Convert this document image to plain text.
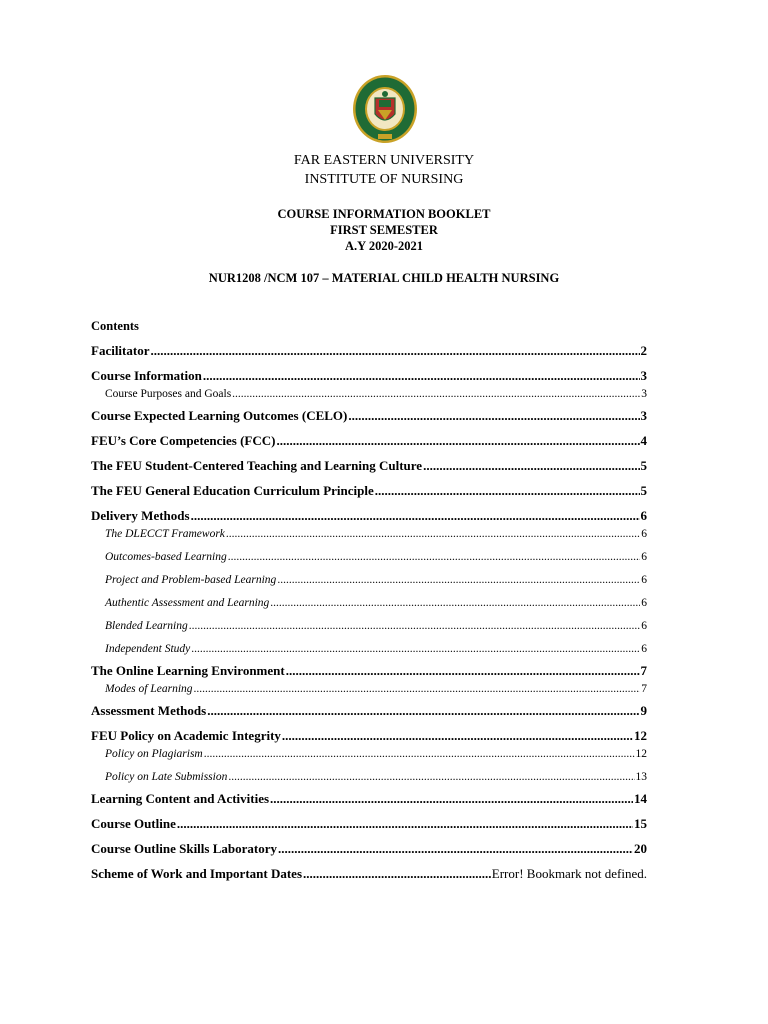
FAR EASTERN UNIVERSITY
INSTITUTE OF NURSING
COURSE INFORMATION BOOKLET
FIRST SEMESTER
A.Y 2020-2021
NUR1208 /NCM 107 – MATERIAL CHILD HEALTH NURSING
Contents
Facilitator .....	2
Course Information .....	3
Course Purposes and Goals .....	3
Course Expected Learning Outcomes (CELO) .....	3
FEU’s Core Competencies (FCC) .....	4
The FEU Student-Centered Teaching and Learning Culture .....	5
The FEU General Education Curriculum Principle .....	5
Delivery Methods .....	6
The DLECCT Framework .....	6
Outcomes-based Learning .....	6
Project and Problem-based Learning .....	6
Authentic Assessment and Learning .....	6
Blended Learning .....	6
Independent Study .....	6
The Online Learning Environment .....	7
Modes of Learning .....	7
Assessment Methods .....	9
FEU Policy on Academic Integrity .....	12
Policy on Plagiarism .....	12
Policy on Late Submission .....	13
Learning Content and Activities .....	14
Course Outline .....	15
Course Outline Skills Laboratory .....	20
Scheme of Work and Important Dates .....	Error! Bookmark not defined.
